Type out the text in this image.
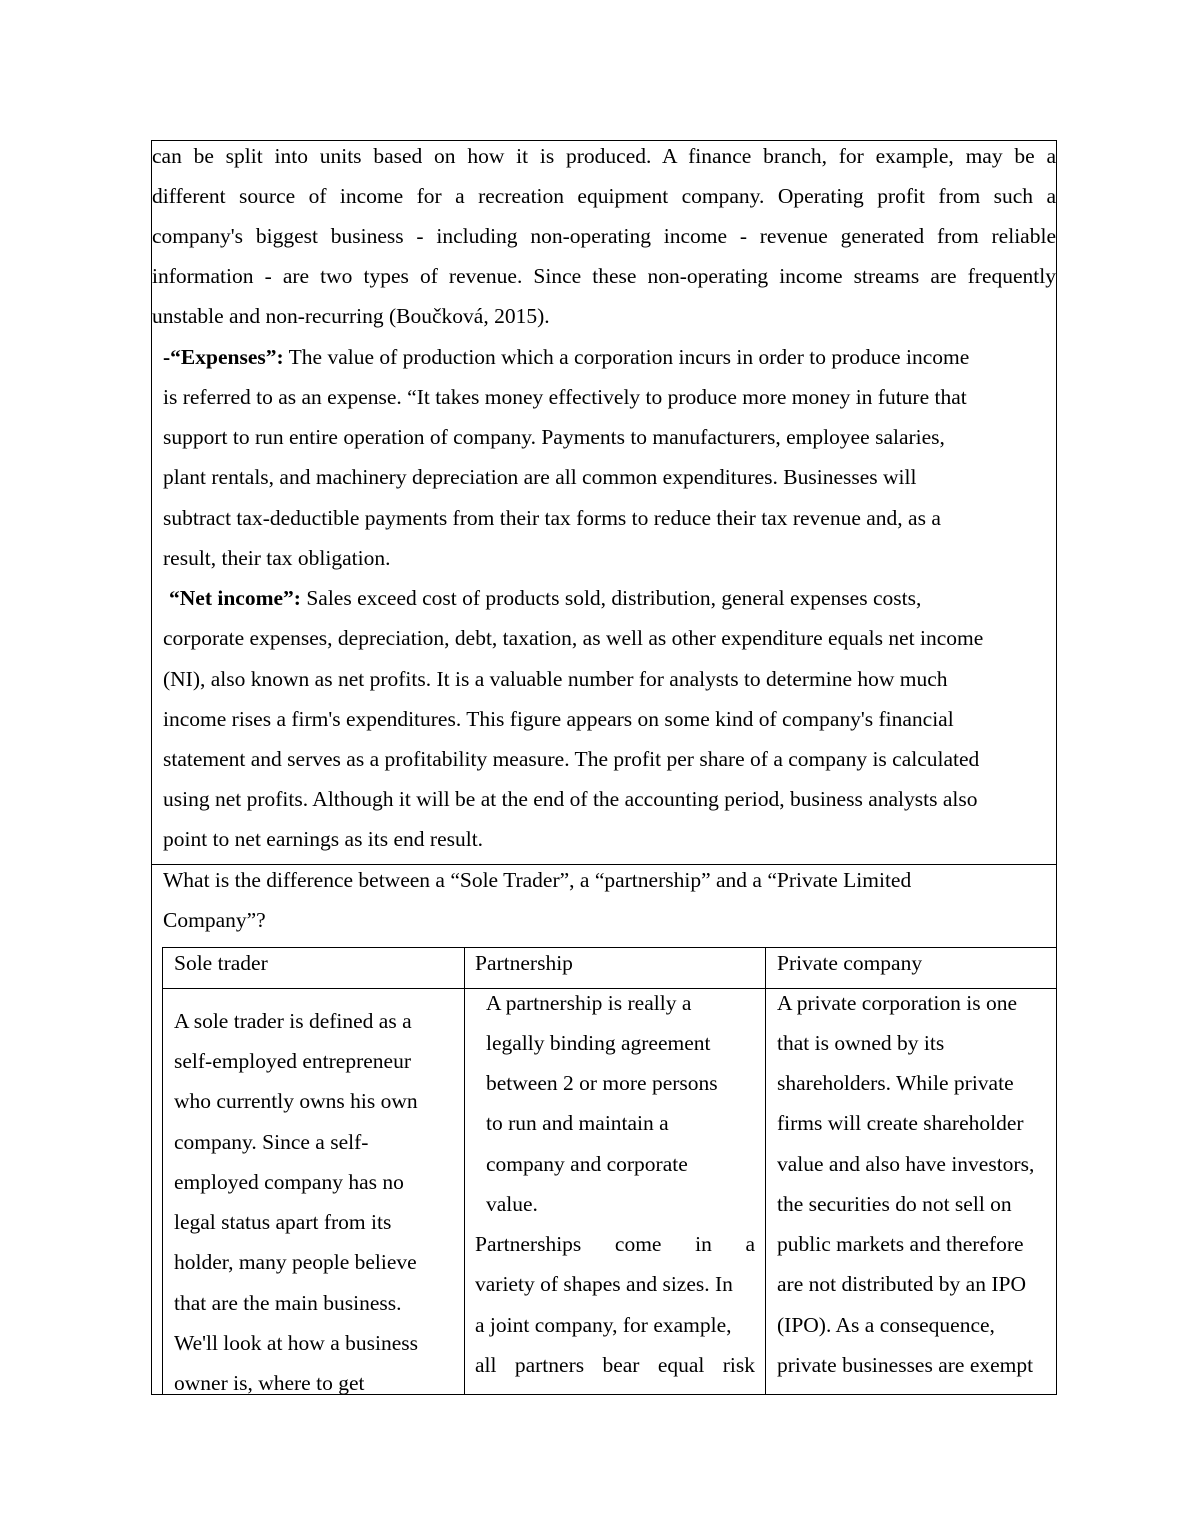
can be split into units based on how it is produced. A finance branch, for example, may be a
different source of income for a recreation equipment company. Operating profit from such a
company's biggest business - including non-operating income - revenue generated from reliable
information - are two types of revenue. Since these non-operating income streams are frequently
unstable and non-recurring (Boučková, 2015).
-“Expenses”: The value of production which a corporation incurs in order to produce income
is referred to as an expense. “It takes money effectively to produce more money in future that
support to run entire operation of company. Payments to manufacturers, employee salaries,
plant rentals, and machinery depreciation are all common expenditures. Businesses will
subtract tax-deductible payments from their tax forms to reduce their tax revenue and, as a
result, their tax obligation.
“Net income”: Sales exceed cost of products sold, distribution, general expenses costs,
corporate expenses, depreciation, debt, taxation, as well as other expenditure equals net income
(NI), also known as net profits. It is a valuable number for analysts to determine how much
income rises a firm's expenditures. This figure appears on some kind of company's financial
statement and serves as a profitability measure. The profit per share of a company is calculated
using net profits. Although it will be at the end of the accounting period, business analysts also
point to net earnings as its end result.
What is the difference between a “Sole Trader”, a “partnership” and a “Private Limited
Company”?
Sole trader
A sole trader is defined as a
self-employed entrepreneur
who currently owns his own
company. Since a self-
employed company has no
legal status apart from its
holder, many people believe
that are the main business.
We'll look at how a business
owner is, where to get
Partnership
A partnership is really a
legally binding agreement
between 2 or more persons
to run and maintain a
company and corporate
value.
Partnerships come in a
variety of shapes and sizes. In
a joint company, for example,
all partners bear equal risk
Private company
A private corporation is one
that is owned by its
shareholders. While private
firms will create shareholder
value and also have investors,
the securities do not sell on
public markets and therefore
are not distributed by an IPO
(IPO). As a consequence,
private businesses are exempt
